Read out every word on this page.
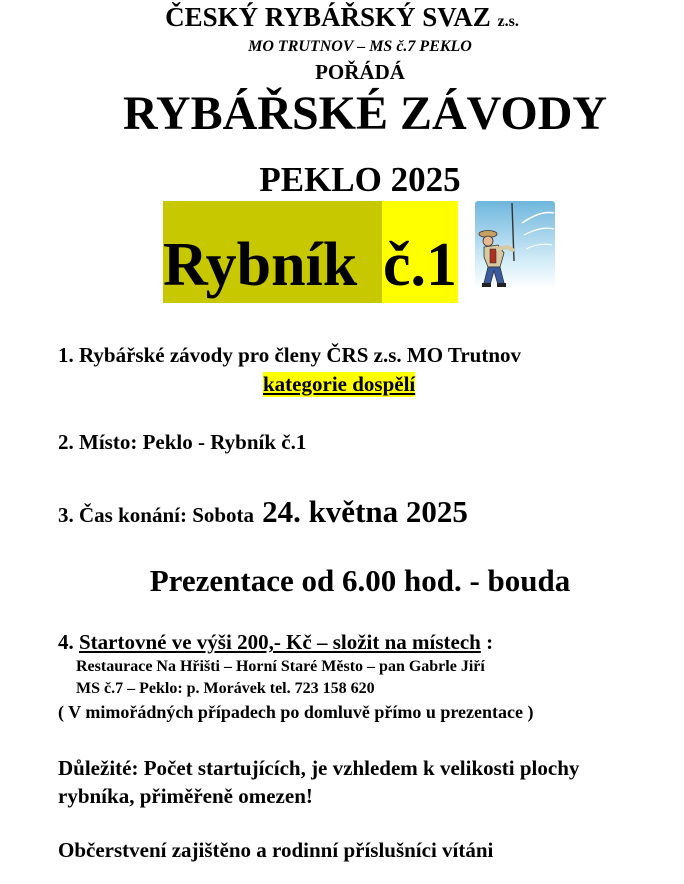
ČESKÝ RYBÁŘSKÝ SVAZ z.s.
MO TRUTNOV – MS č.7 PEKLO
POŘÁDÁ
RYBÁŘSKÉ ZÁVODY
PEKLO 2025
Rybník č.1
1. Rybářské závody pro členy ČRS z.s. MO Trutnov
kategorie dospělí
2. Místo: Peklo - Rybník č.1
3. Čas konání: Sobota 24. května 2025
Prezentace od 6.00 hod. - bouda
4. Startovné ve výši 200,- Kč – složit na místech :
Restaurace Na Hřišti – Horní Staré Město – pan Gabrle Jiří
MS č.7 – Peklo: p. Morávek tel. 723 158 620
( V mimořádných případech po domluvě přímo u prezentace )
Důležité: Počet startujících, je vzhledem k velikosti plochy
rybníka, přiměřeně omezen!
Občerstvení zajištěno a rodinní příslušníci vítáni
